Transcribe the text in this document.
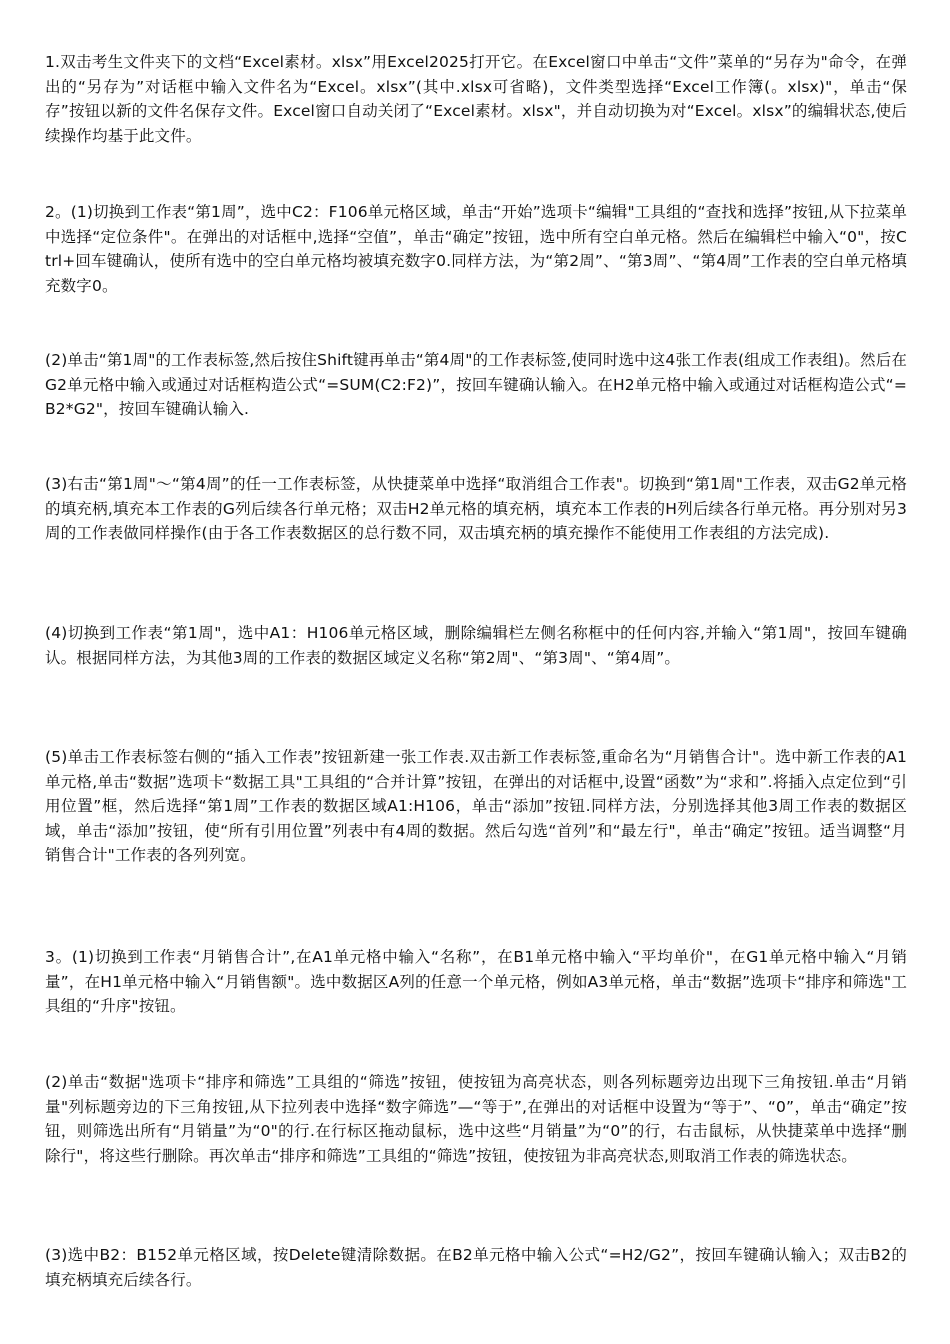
1.双击考生文件夹下的文档“Excel素材。xlsx”用Excel2025打开它。在Excel窗口中单击“文件”菜单的“另存为"命令，在弹出的“另存为”对话框中输入文件名为“Excel。xlsx”(其中.xlsx可省略)，文件类型选择“Excel工作簿(。xlsx)"，单击“保存”按钮以新的文件名保存文件。Excel窗口自动关闭了“Excel素材。xlsx"，并自动切换为对“Excel。xlsx”的编辑状态,使后续操作均基于此文件。

2。(1)切换到工作表“第1周”，选中C2：F106单元格区域，单击“开始”选项卡“编辑"工具组的“查找和选择”按钮,从下拉菜单中选择“定位条件"。在弹出的对话框中,选择“空值”，单击“确定”按钮，选中所有空白单元格。然后在编辑栏中输入“0"，按Ctrl+回车键确认，使所有选中的空白单元格均被填充数字0.同样方法，为“第2周”、“第3周”、“第4周”工作表的空白单元格填充数字0。

(2)单击“第1周"的工作表标签,然后按住Shift键再单击“第4周"的工作表标签,使同时选中这4张工作表(组成工作表组)。然后在G2单元格中输入或通过对话框构造公式“=SUM(C2:F2)”，按回车键确认输入。在H2单元格中输入或通过对话框构造公式“=B2*G2"，按回车键确认输入.

(3)右击“第1周"～“第4周”的任一工作表标签，从快捷菜单中选择“取消组合工作表"。切换到“第1周"工作表，双击G2单元格的填充柄,填充本工作表的G列后续各行单元格；双击H2单元格的填充柄，填充本工作表的H列后续各行单元格。再分别对另3周的工作表做同样操作(由于各工作表数据区的总行数不同，双击填充柄的填充操作不能使用工作表组的方法完成).

(4)切换到工作表“第1周"，选中A1：H106单元格区域，删除编辑栏左侧名称框中的任何内容,并输入“第1周"，按回车键确认。根据同样方法，为其他3周的工作表的数据区域定义名称“第2周"、“第3周"、“第4周”。

(5)单击工作表标签右侧的“插入工作表”按钮新建一张工作表.双击新工作表标签,重命名为“月销售合计"。选中新工作表的A1单元格,单击“数据”选项卡“数据工具"工具组的“合并计算”按钮，在弹出的对话框中,设置“函数”为“求和”.将插入点定位到“引用位置”框，然后选择“第1周”工作表的数据区域A1:H106，单击“添加”按钮.同样方法，分别选择其他3周工作表的数据区域，单击“添加”按钮，使“所有引用位置”列表中有4周的数据。然后勾选“首列”和“最左行"，单击“确定”按钮。适当调整“月销售合计"工作表的各列列宽。

3。(1)切换到工作表“月销售合计”,在A1单元格中输入“名称”，在B1单元格中输入“平均单价"，在G1单元格中输入“月销量”，在H1单元格中输入“月销售额"。选中数据区A列的任意一个单元格，例如A3单元格，单击“数据”选项卡“排序和筛选"工具组的“升序"按钮。

(2)单击“数据"选项卡“排序和筛选”工具组的“筛选”按钮，使按钮为高亮状态，则各列标题旁边出现下三角按钮.单击“月销量"列标题旁边的下三角按钮,从下拉列表中选择“数字筛选”—“等于”,在弹出的对话框中设置为“等于”、“0”，单击“确定”按钮，则筛选出所有“月销量”为“0"的行.在行标区拖动鼠标，选中这些“月销量”为“0”的行，右击鼠标，从快捷菜单中选择“删除行"，将这些行删除。再次单击“排序和筛选”工具组的“筛选”按钮，使按钮为非高亮状态,则取消工作表的筛选状态。

(3)选中B2：B152单元格区域，按Delete键清除数据。在B2单元格中输入公式“=H2/G2”，按回车键确认输入；双击B2的填充柄填充后续各行。
